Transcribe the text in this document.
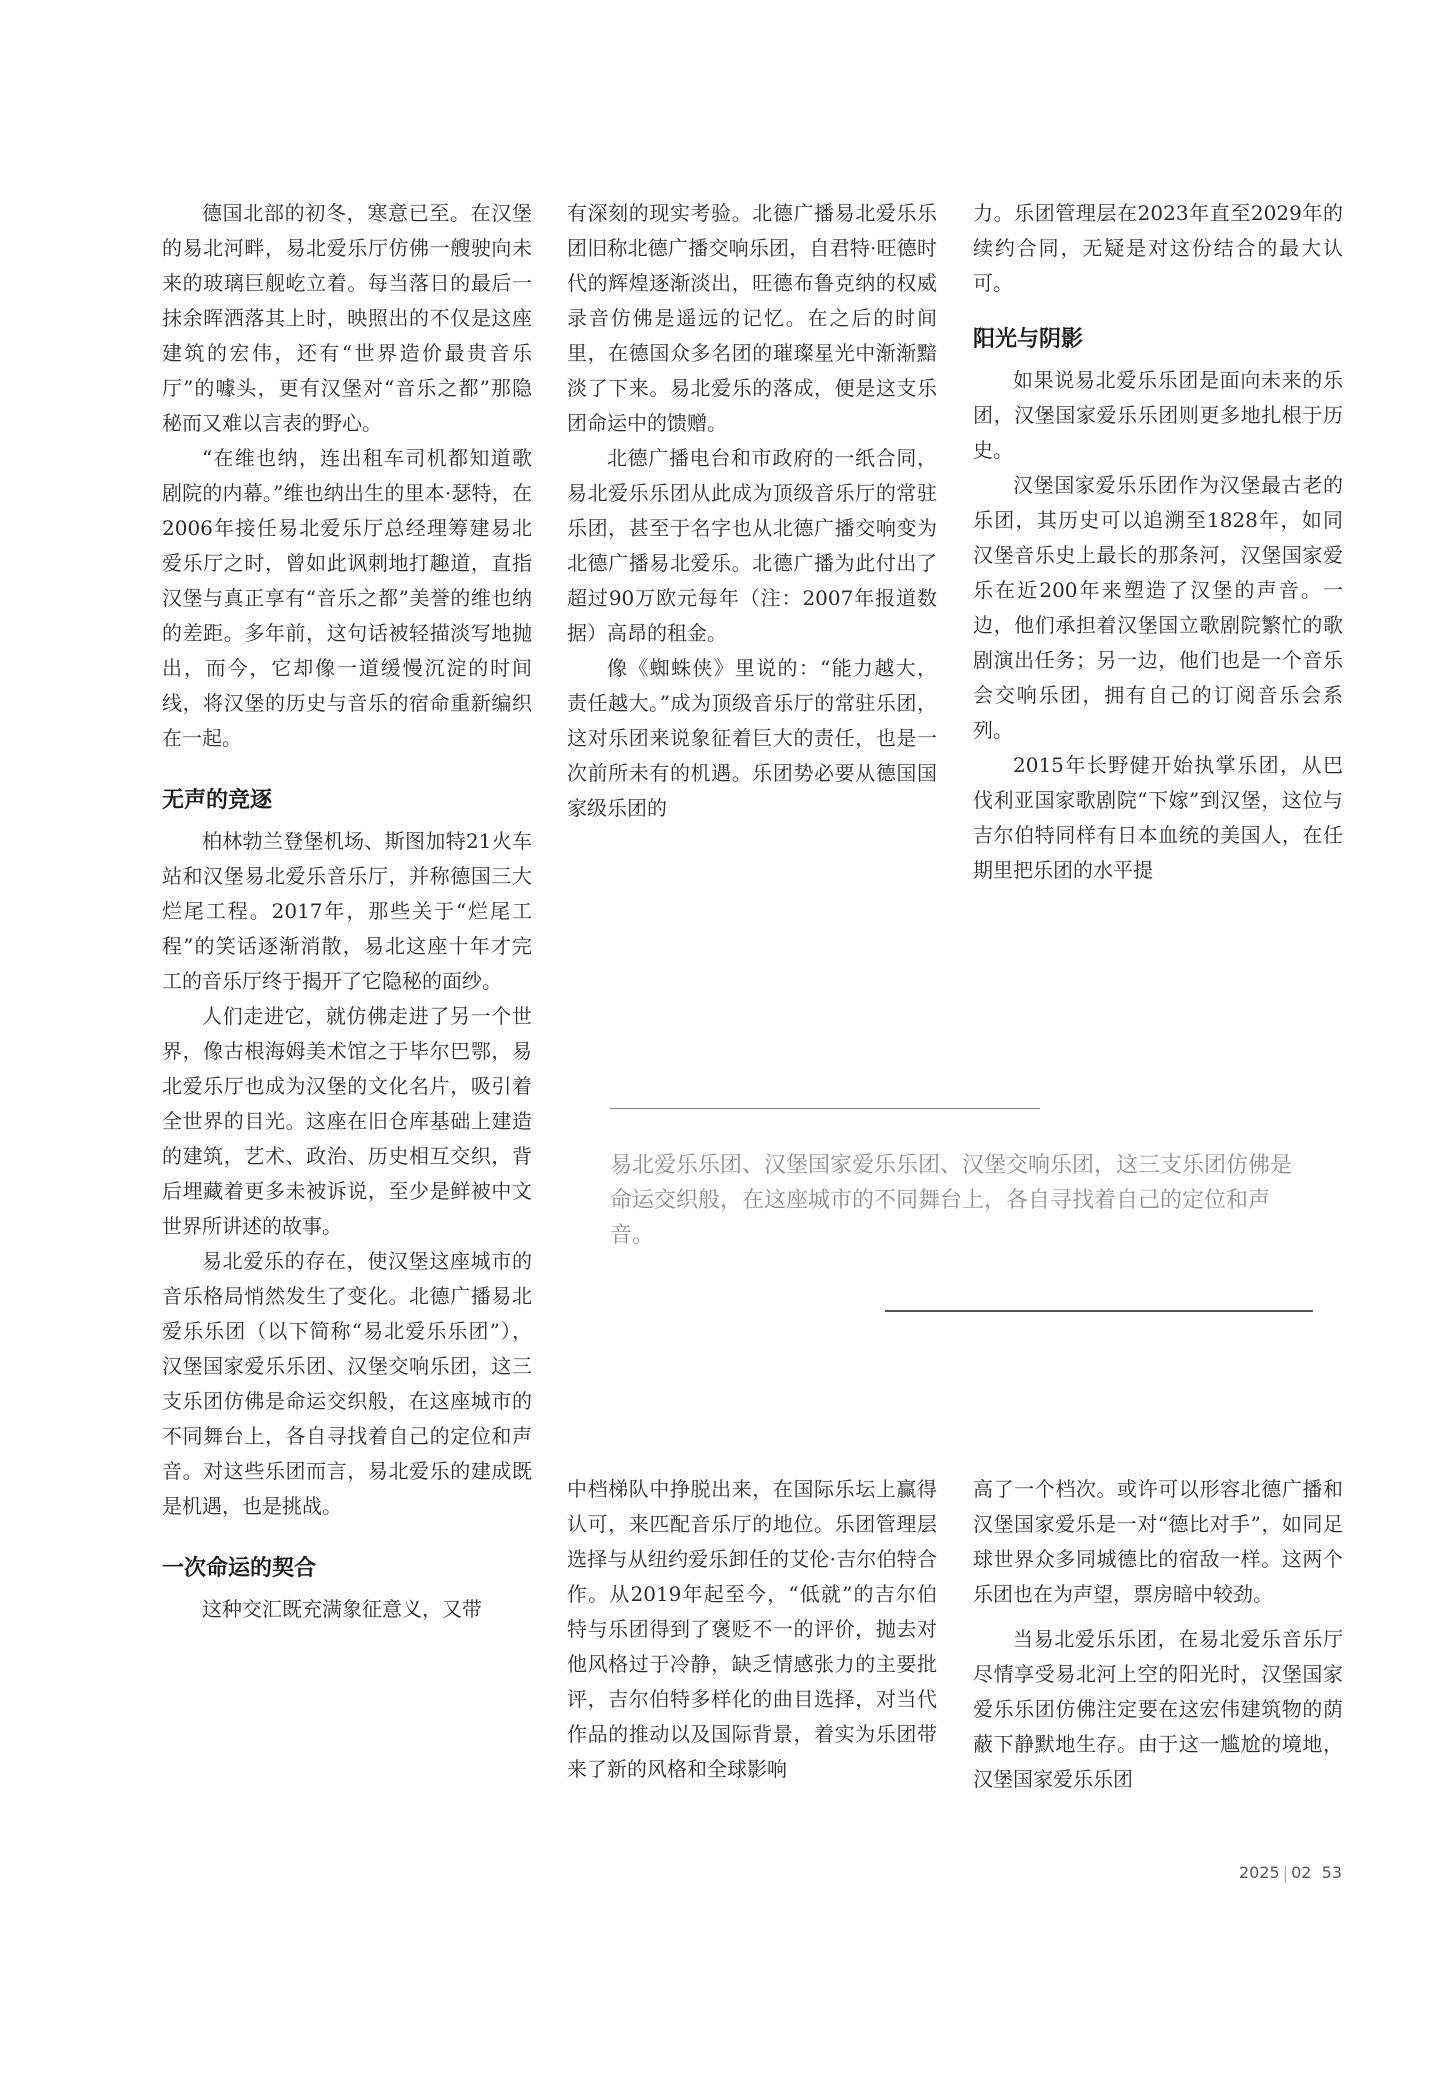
德国北部的初冬，寒意已至。在汉堡的易北河畔，易北爱乐厅仿佛一艘驶向未来的玻璃巨舰屹立着。每当落日的最后一抹余晖洒落其上时，映照出的不仅是这座建筑的宏伟，还有“世界造价最贵音乐厅”的噱头，更有汉堡对“音乐之都”那隐秘而又难以言表的野心。

“在维也纳，连出租车司机都知道歌剧院的内幕。”维也纳出生的里本·瑟特，在2006年接任易北爱乐厅总经理筹建易北爱乐厅之时，曾如此讽刺地打趣道，直指汉堡与真正享有“音乐之都”美誉的维也纳的差距。多年前，这句话被轻描淡写地抛出，而今，它却像一道缓慢沉淀的时间线，将汉堡的历史与音乐的宿命重新编织在一起。

无声的竞逐

柏林勃兰登堡机场、斯图加特21火车站和汉堡易北爱乐音乐厅，并称德国三大烂尾工程。2017年，那些关于“烂尾工程”的笑话逐渐消散，易北这座十年才完工的音乐厅终于揭开了它隐秘的面纱。

人们走进它，就仿佛走进了另一个世界，像古根海姆美术馆之于毕尔巴鄂，易北爱乐厅也成为汉堡的文化名片，吸引着全世界的目光。这座在旧仓库基础上建造的建筑，艺术、政治、历史相互交织，背后埋藏着更多未被诉说，至少是鲜被中文世界所讲述的故事。

易北爱乐的存在，使汉堡这座城市的音乐格局悄然发生了变化。北德广播易北爱乐乐团（以下简称“易北爱乐乐团”），汉堡国家爱乐乐团、汉堡交响乐团，这三支乐团仿佛是命运交织般，在这座城市的不同舞台上，各自寻找着自己的定位和声音。对这些乐团而言，易北爱乐的建成既是机遇，也是挑战。

一次命运的契合

这种交汇既充满象征意义，又带

有深刻的现实考验。北德广播易北爱乐乐团旧称北德广播交响乐团，自君特·旺德时代的辉煌逐渐淡出，旺德布鲁克纳的权威录音仿佛是遥远的记忆。在之后的时间里，在德国众多名团的璀璨星光中渐渐黯淡了下来。易北爱乐的落成，便是这支乐团命运中的馈赠。

北德广播电台和市政府的一纸合同，易北爱乐乐团从此成为顶级音乐厅的常驻乐团，甚至于名字也从北德广播交响变为北德广播易北爱乐。北德广播为此付出了超过90万欧元每年（注：2007年报道数据）高昂的租金。

像《蜘蛛侠》里说的：“能力越大，责任越大。”成为顶级音乐厅的常驻乐团，这对乐团来说象征着巨大的责任，也是一次前所未有的机遇。乐团势必要从德国国家级乐团的

力。乐团管理层在2023年直至2029年的续约合同，无疑是对这份结合的最大认可。

阳光与阴影

如果说易北爱乐乐团是面向未来的乐团，汉堡国家爱乐乐团则更多地扎根于历史。

汉堡国家爱乐乐团作为汉堡最古老的乐团，其历史可以追溯至1828年，如同汉堡音乐史上最长的那条河，汉堡国家爱乐在近200年来塑造了汉堡的声音。一边，他们承担着汉堡国立歌剧院繁忙的歌剧演出任务；另一边，他们也是一个音乐会交响乐团，拥有自己的订阅音乐会系列。

2015年长野健开始执掌乐团，从巴伐利亚国家歌剧院“下嫁”到汉堡，这位与吉尔伯特同样有日本血统的美国人，在任期里把乐团的水平提

易北爱乐乐团、汉堡国家爱乐乐团、汉堡交响乐团，这三支乐团仿佛是命运交织般，在这座城市的不同舞台上，各自寻找着自己的定位和声音。

中档梯队中挣脱出来，在国际乐坛上赢得认可，来匹配音乐厅的地位。乐团管理层选择与从纽约爱乐卸任的艾伦·吉尔伯特合作。从2019年起至今，“低就”的吉尔伯特与乐团得到了褒贬不一的评价，抛去对他风格过于冷静，缺乏情感张力的主要批评，吉尔伯特多样化的曲目选择，对当代作品的推动以及国际背景，着实为乐团带来了新的风格和全球影响

高了一个档次。或许可以形容北德广播和汉堡国家爱乐是一对“德比对手”，如同足球世界众多同城德比的宿敌一样。这两个乐团也在为声望，票房暗中较劲。

当易北爱乐乐团，在易北爱乐音乐厅尽情享受易北河上空的阳光时，汉堡国家爱乐乐团仿佛注定要在这宏伟建筑物的荫蔽下静默地生存。由于这一尴尬的境地，汉堡国家爱乐乐团

2025 | 02 53
